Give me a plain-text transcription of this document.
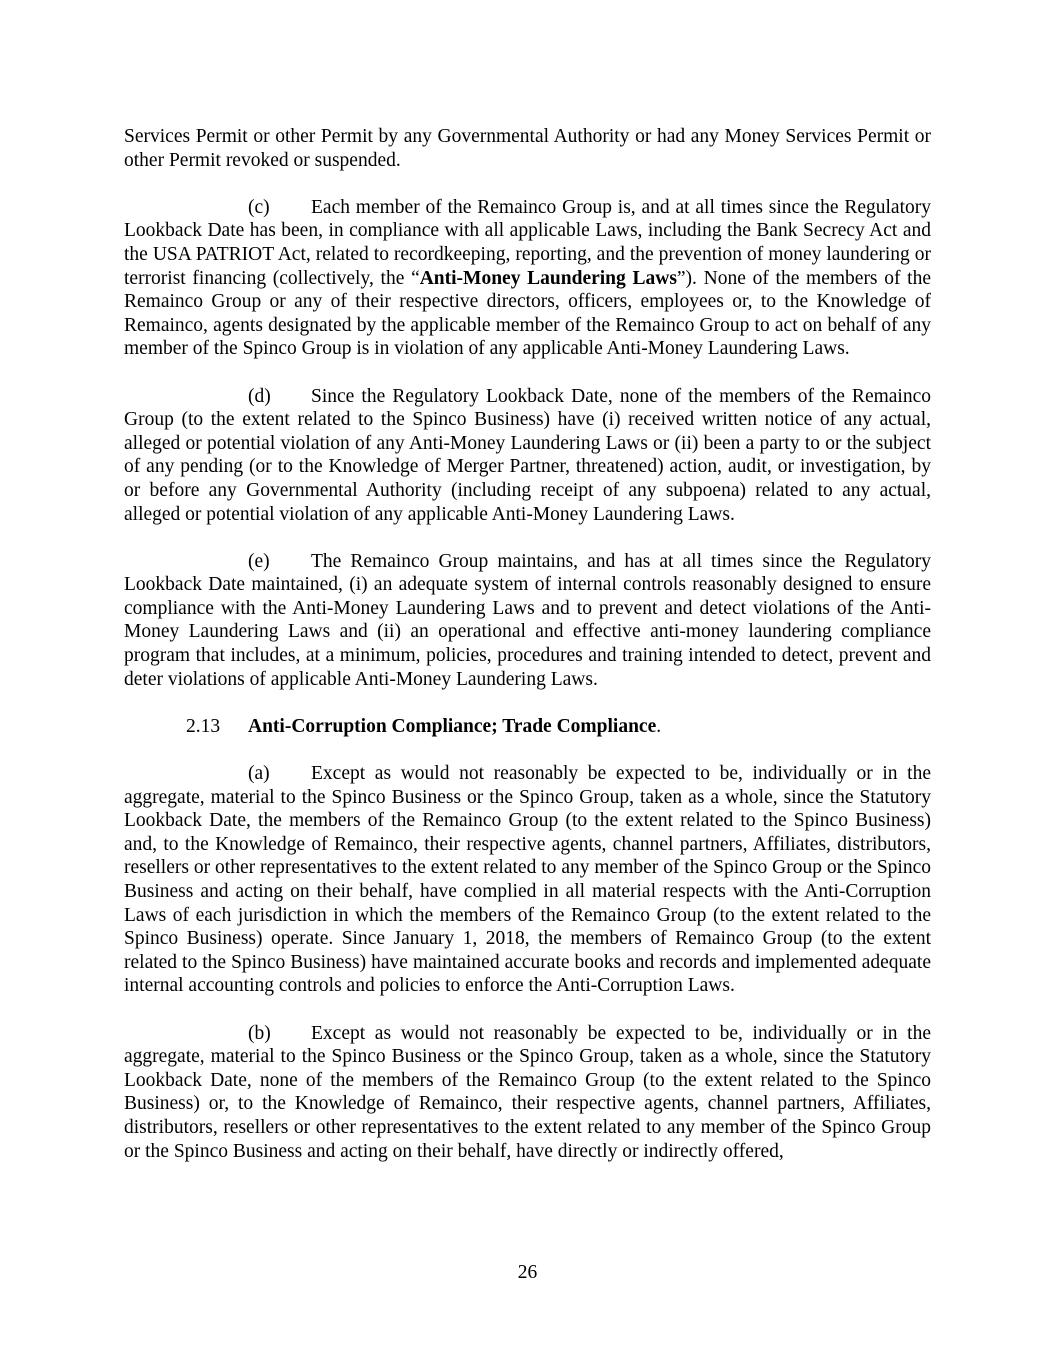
Services Permit or other Permit by any Governmental Authority or had any Money Services Permit or other Permit revoked or suspended.

(c) Each member of the Remainco Group is, and at all times since the Regulatory Lookback Date has been, in compliance with all applicable Laws, including the Bank Secrecy Act and the USA PATRIOT Act, related to recordkeeping, reporting, and the prevention of money laundering or terrorist financing (collectively, the “Anti-Money Laundering Laws”). None of the members of the Remainco Group or any of their respective directors, officers, employees or, to the Knowledge of Remainco, agents designated by the applicable member of the Remainco Group to act on behalf of any member of the Spinco Group is in violation of any applicable Anti-Money Laundering Laws.

(d) Since the Regulatory Lookback Date, none of the members of the Remainco Group (to the extent related to the Spinco Business) have (i) received written notice of any actual, alleged or potential violation of any Anti-Money Laundering Laws or (ii) been a party to or the subject of any pending (or to the Knowledge of Merger Partner, threatened) action, audit, or investigation, by or before any Governmental Authority (including receipt of any subpoena) related to any actual, alleged or potential violation of any applicable Anti-Money Laundering Laws.

(e) The Remainco Group maintains, and has at all times since the Regulatory Lookback Date maintained, (i) an adequate system of internal controls reasonably designed to ensure compliance with the Anti-Money Laundering Laws and to prevent and detect violations of the Anti-Money Laundering Laws and (ii) an operational and effective anti-money laundering compliance program that includes, at a minimum, policies, procedures and training intended to detect, prevent and deter violations of applicable Anti-Money Laundering Laws.

2.13 Anti-Corruption Compliance; Trade Compliance.

(a) Except as would not reasonably be expected to be, individually or in the aggregate, material to the Spinco Business or the Spinco Group, taken as a whole, since the Statutory Lookback Date, the members of the Remainco Group (to the extent related to the Spinco Business) and, to the Knowledge of Remainco, their respective agents, channel partners, Affiliates, distributors, resellers or other representatives to the extent related to any member of the Spinco Group or the Spinco Business and acting on their behalf, have complied in all material respects with the Anti-Corruption Laws of each jurisdiction in which the members of the Remainco Group (to the extent related to the Spinco Business) operate. Since January 1, 2018, the members of Remainco Group (to the extent related to the Spinco Business) have maintained accurate books and records and implemented adequate internal accounting controls and policies to enforce the Anti-Corruption Laws.

(b) Except as would not reasonably be expected to be, individually or in the aggregate, material to the Spinco Business or the Spinco Group, taken as a whole, since the Statutory Lookback Date, none of the members of the Remainco Group (to the extent related to the Spinco Business) or, to the Knowledge of Remainco, their respective agents, channel partners, Affiliates, distributors, resellers or other representatives to the extent related to any member of the Spinco Group or the Spinco Business and acting on their behalf, have directly or indirectly offered,

26
